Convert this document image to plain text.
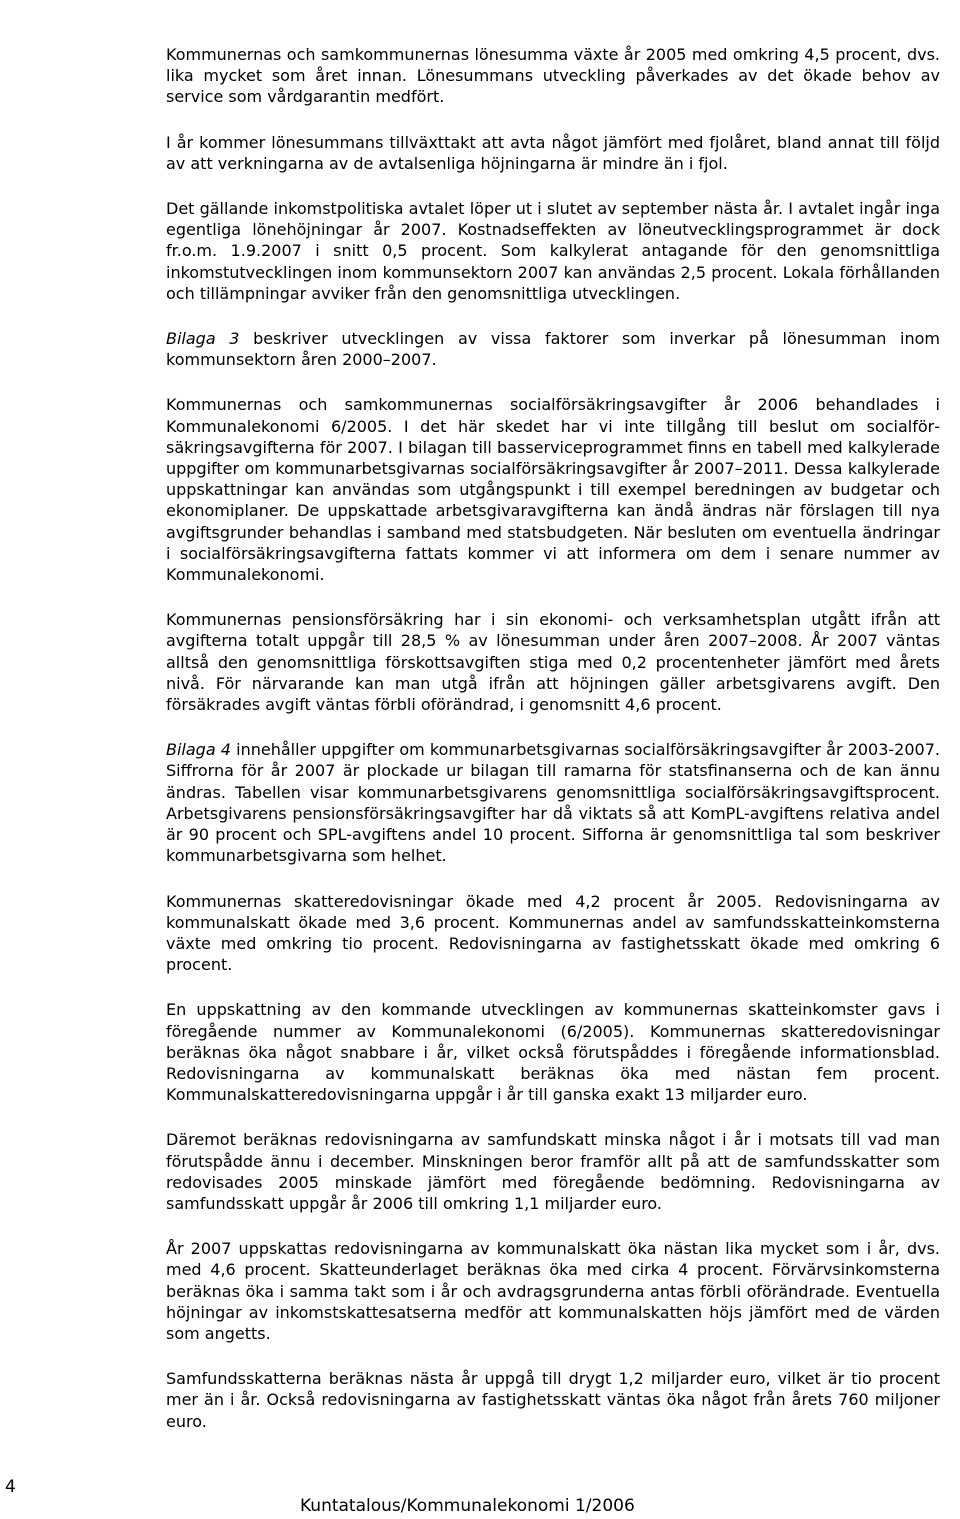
Kommunernas och samkommunernas lönesumma växte år 2005 med omkring 4,5 procent, dvs. lika mycket som året innan. Lönesummans utveckling påverkades av det ökade behov av service som vårdgarantin medfört.

I år kommer lönesummans tillväxttakt att avta något jämfört med fjolåret, bland annat till följd av att verkningarna av de avtalsenliga höjningarna är mindre än i fjol.

Det gällande inkomstpolitiska avtalet löper ut i slutet av september nästa år. I avtalet ingår inga egentliga lönehöjningar år 2007. Kostnadseffekten av löneutvecklingsprogrammet är dock fr.o.m. 1.9.2007 i snitt 0,5 procent. Som kalkylerat antagande för den genomsnittliga inkomstutvecklingen inom kommunsektorn 2007 kan användas 2,5 procent. Lokala förhållanden och tillämpningar avviker från den genomsnittliga utvecklingen.

Bilaga 3 beskriver utvecklingen av vissa faktorer som inverkar på lönesumman inom kommunsektorn åren 2000–2007.

Kommunernas och samkommunernas socialförsäkringsavgifter år 2006 behandlades i Kommunalekonomi 6/2005. I det här skedet har vi inte tillgång till beslut om socialförsäkringsavgifterna för 2007. I bilagan till basserviceprogrammet finns en tabell med kalkylerade uppgifter om kommunarbetsgivarnas socialförsäkringsavgifter år 2007–2011. Dessa kalkylerade uppskattningar kan användas som utgångspunkt i till exempel beredningen av budgetar och ekonomiplaner. De uppskattade arbetsgivaravgifterna kan ändå ändras när förslagen till nya avgiftsgrunder behandlas i samband med statsbudgeten. När besluten om eventuella ändringar i socialförsäkringsavgifterna fattats kommer vi att informera om dem i senare nummer av Kommunalekonomi.

Kommunernas pensionsförsäkring har i sin ekonomi- och verksamhetsplan utgått ifrån att avgifterna totalt uppgår till 28,5 % av lönesumman under åren 2007–2008. År 2007 väntas alltså den genomsnittliga förskottsavgiften stiga med 0,2 procentenheter jämfört med årets nivå. För närvarande kan man utgå ifrån att höjningen gäller arbetsgivarens avgift. Den försäkrades avgift väntas förbli oförändrad, i genomsnitt 4,6 procent.

Bilaga 4 innehåller uppgifter om kommunarbetsgivarnas socialförsäkringsavgifter år 2003-2007. Siffrorna för år 2007 är plockade ur bilagan till ramarna för statsfinanserna och de kan ännu ändras. Tabellen visar kommunarbetsgivarens genomsnittliga socialförsäkringsavgiftsprocent. Arbetsgivarens pensionsförsäkringsavgifter har då viktats så att KomPL-avgiftens relativa andel är 90 procent och SPL-avgiftens andel 10 procent. Sifforna är genomsnittliga tal som beskriver kommunarbetsgivarna som helhet.

Kommunernas skatteredovisningar ökade med 4,2 procent år 2005. Redovisningarna av kommunalskatt ökade med 3,6 procent. Kommunernas andel av samfundsskatteinkomsterna växte med omkring tio procent. Redovisningarna av fastighetsskatt ökade med omkring 6 procent.

En uppskattning av den kommande utvecklingen av kommunernas skatteinkomster gavs i föregående nummer av Kommunalekonomi (6/2005). Kommunernas skatteredovisningar beräknas öka något snabbare i år, vilket också förutspåddes i föregående informationsblad. Redovisningarna av kommunalskatt beräknas öka med nästan fem procent. Kommunalskatteredovisningarna uppgår i år till ganska exakt 13 miljarder euro.

Däremot beräknas redovisningarna av samfundskatt minska något i år i motsats till vad man förutspådde ännu i december. Minskningen beror framför allt på att de samfundsskatter som redovisades 2005 minskade jämfört med föregående bedömning. Redovisningarna av samfundsskatt uppgår år 2006 till omkring 1,1 miljarder euro.

År 2007 uppskattas redovisningarna av kommunalskatt öka nästan lika mycket som i år, dvs. med 4,6 procent. Skatteunderlaget beräknas öka med cirka 4 procent. Förvärvsinkomsterna beräknas öka i samma takt som i år och avdragsgrunderna antas förbli oförändrade. Eventuella höjningar av inkomstskattesatserna medför att kommunalskatten höjs jämfört med de värden som angetts.

Samfundsskatterna beräknas nästa år uppgå till drygt 1,2 miljarder euro, vilket är tio procent mer än i år. Också redovisningarna av fastighetsskatt väntas öka något från årets 760 miljoner euro.

4
Kuntatalous/Kommunalekonomi 1/2006
